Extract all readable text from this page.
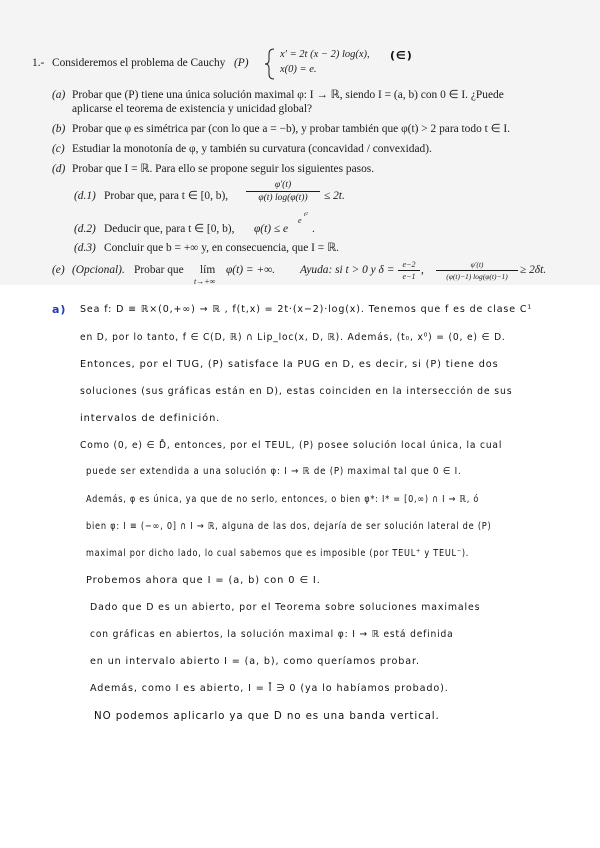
1.- Consideremos el problema de Cauchy (P)
x′ = 2t (x − 2) log(x),
x(0) = e.
(∈)
(a) Probar que (P) tiene una única solución maximal φ: I → ℝ, siendo I = (a, b) con 0 ∈ I. ¿Puede
aplicarse el teorema de existencia y unicidad global?
(b) Probar que φ es simétrica par (con lo que a = −b), y probar también que φ(t) > 2 para todo t ∈ I.
(c) Estudiar la monotonía de φ, y también su curvatura (concavidad / convexidad).
(d) Probar que I = ℝ. Para ello se propone seguir los siguientes pasos.
(d.1) Probar que, para t ∈ [0, b),
φ′(t)
φ(t) log(φ(t))	≤ 2t.
(d.2) Deducir que, para t ∈ [0, b), φ(t) ≤ e
e
t²
.
(d.3) Concluir que b = +∞ y, en consecuencia, que I = ℝ.
(e) (Opcional). Probar que lím
t→+∞
φ(t) = +∞. Ayuda: si t > 0 y δ =	e−2
e−1
,	φ′(t)
(φ(t)−1) log(φ(t)−1)
≥ 2δt.
a) Sea f: D ≡ ℝ×(0,+∞) → ℝ , f(t,x) = 2t·(x−2)·log(x). Tenemos que f es de clase C¹
en D, por lo tanto, f ∈ C(D, ℝ) ∩ Lip_loc(x, D, ℝ). Además, (t₀, x⁰) = (0, e) ∈ D.
Entonces, por el TUG, (P) satisface la PUG en D, es decir, si (P) tiene dos
soluciones (sus gráficas están en D), estas coinciden en la intersección de sus
intervalos de definición.
Como (0, e) ∈ D̊, entonces, por el TEUL, (P) posee solución local única, la cual
puede ser extendida a una solución φ: I → ℝ de (P) maximal tal que 0 ∈ I.
Además, φ es única, ya que de no serlo, entonces, o bien φ*: I* = [0,∞) ∩ I → ℝ, ó
bien φ: I ≡ (−∞, 0] ∩ I → ℝ, alguna de las dos, dejaría de ser solución lateral de (P)
maximal por dicho lado, lo cual sabemos que es imposible (por TEUL⁺ y TEUL⁻).
Probemos ahora que I = (a, b) con 0 ∈ I.
Dado que D es un abierto, por el Teorema sobre soluciones maximales
con gráficas en abiertos, la solución maximal φ: I → ℝ está definida
en un intervalo abierto I = (a, b), como queríamos probar.
Además, como I es abierto, I = I̊ ∋ 0 (ya lo habíamos probado).
NO podemos aplicarlo ya que D no es una banda vertical.
